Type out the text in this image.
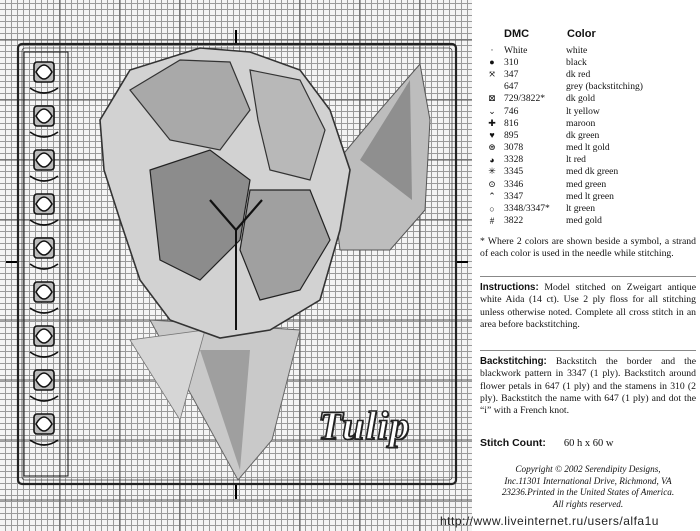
Tulip
DMC	Color
·	White	white
● 310	black
⤧ 347	dk red
647	grey (backstitching)
⊠ 729/3822*	dk gold
⌄ 746	lt yellow
✚ 816	maroon
♥ 895	dk green
⊜ 3078	med lt gold
◕ 3328	lt red
✳ 3345	med dk green
⊙ 3346	med green
⌃ 3347	med lt green
○ 3348/3347*	lt green
#	3822	med gold
* Where 2 colors are shown beside a symbol, a strand of each color is used in the needle while stitching.
Instructions: Model stitched on Zweigart antique white Aida (14 ct). Use 2 ply floss for all stitching unless otherwise noted. Complete all cross stitch in an area before backstitching.
Backstitching: Backstitch the border and the blackwork pattern in 3347 (1 ply). Backstitch around flower petals in 647 (1 ply) and the stamens in 310 (2 ply). Backstitch the name with 647 (1 ply) and dot the “i” with a French knot.
Stitch Count: 60 h x 60 w
Copyright © 2002 Serendipity Designs,
Inc.11301 International Drive, Richmond, VA
23236.Printed in the United States of America.
All rights reserved.
http://www.liveinternet.ru/users/alfa1u
